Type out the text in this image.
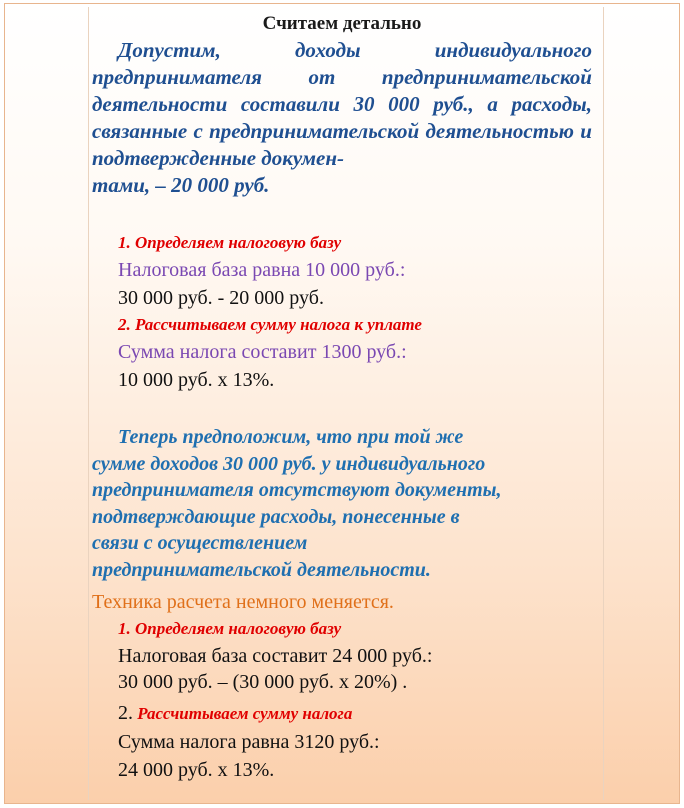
Считаем детально
Допустим, доходы индивидуального предпринимателя от предпринимательской деятельности составили 30 000 руб., а расходы, связанные с предпринимательской деятельностью и подтвержденные докумен-
тами, – 20 000 руб.
1. Определяем налоговую базу
Налоговая база равна 10 000 руб.:
30 000 руб. - 20 000 руб.
2. Рассчитываем сумму налога к уплате
Сумма налога составит 1300 руб.:
10 000 руб. х 13%.
Теперь предположим, что при той же
сумме доходов 30 000 руб. у индивидуального
предпринимателя отсутствуют документы,
подтверждающие расходы, понесенные в
связи с осуществлением
предпринимательской деятельности.
Техника расчета немного меняется.
1. Определяем налоговую базу
Налоговая база составит 24 000 руб.:
30 000 руб. – (30 000 руб. х 20%) .
2. Рассчитываем сумму налога
Сумма налога равна 3120 руб.:
24 000 руб. х 13%.
